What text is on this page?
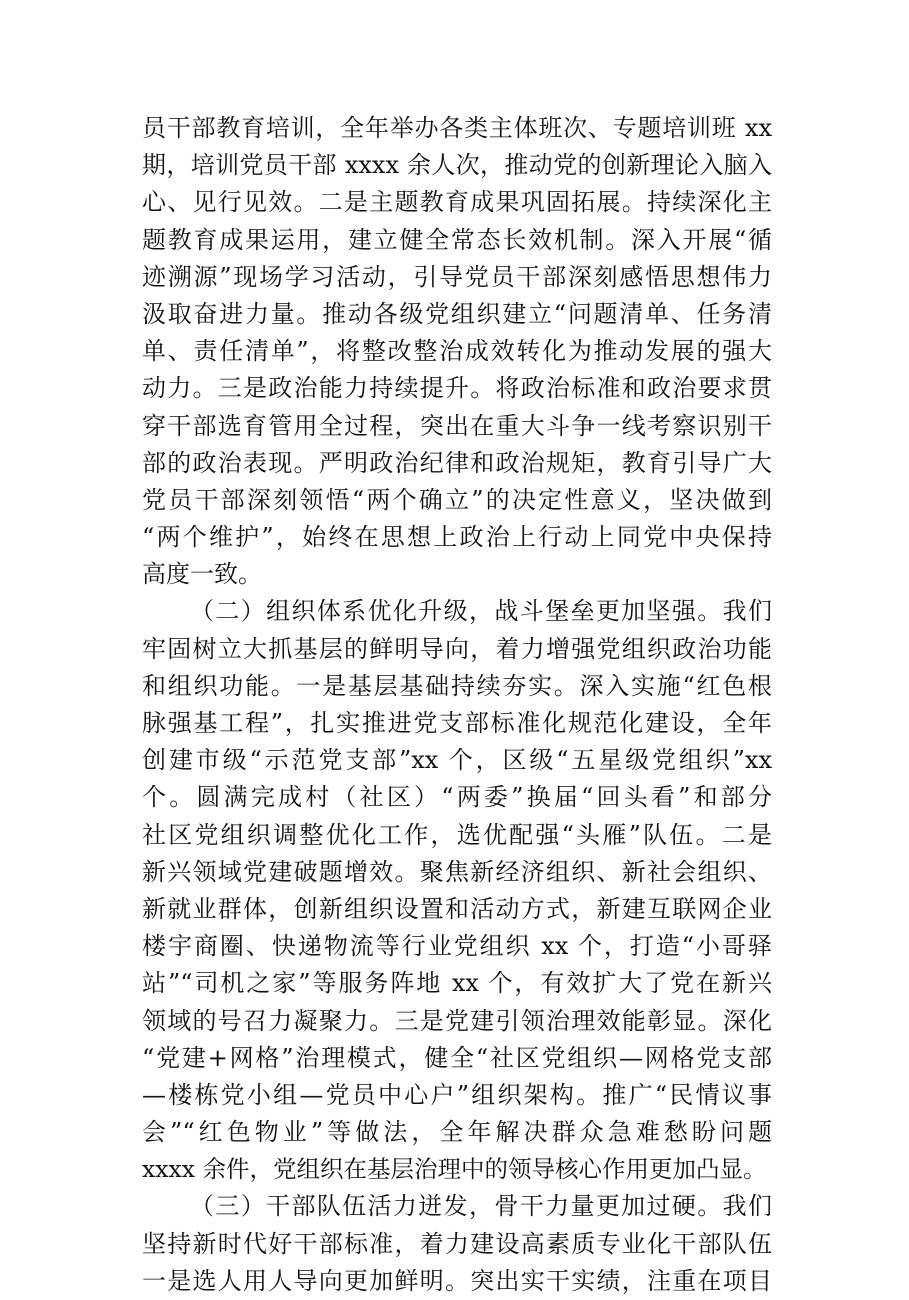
员干部教育培训，全年举办各类主体班次、专题培训班 xx
期，培训党员干部 xxxx 余人次，推动党的创新理论入脑入
心、见行见效。二是主题教育成果巩固拓展。持续深化主
题教育成果运用，建立健全常态长效机制。深入开展“循
迹溯源”现场学习活动，引导党员干部深刻感悟思想伟力
汲取奋进力量。推动各级党组织建立“问题清单、任务清
单、责任清单”，将整改整治成效转化为推动发展的强大
动力。三是政治能力持续提升。将政治标准和政治要求贯
穿干部选育管用全过程，突出在重大斗争一线考察识别干
部的政治表现。严明政治纪律和政治规矩，教育引导广大
党员干部深刻领悟“两个确立”的决定性意义，坚决做到
“两个维护”，始终在思想上政治上行动上同党中央保持
高度一致。
（二）组织体系优化升级，战斗堡垒更加坚强。我们
牢固树立大抓基层的鲜明导向，着力增强党组织政治功能
和组织功能。一是基层基础持续夯实。深入实施“红色根
脉强基工程”，扎实推进党支部标准化规范化建设，全年
创建市级“示范党支部”xx 个，区级“五星级党组织”xx
个。圆满完成村（社区）“两委”换届“回头看”和部分
社区党组织调整优化工作，选优配强“头雁”队伍。二是
新兴领域党建破题增效。聚焦新经济组织、新社会组织、
新就业群体，创新组织设置和活动方式，新建互联网企业
楼宇商圈、快递物流等行业党组织 xx 个，打造“小哥驿
站”“司机之家”等服务阵地 xx 个，有效扩大了党在新兴
领域的号召力凝聚力。三是党建引领治理效能彰显。深化
“党建+网格”治理模式，健全“社区党组织—网格党支部
—楼栋党小组—党员中心户”组织架构。推广“民情议事
会”“红色物业”等做法，全年解决群众急难愁盼问题
xxxx 余件，党组织在基层治理中的领导核心作用更加凸显。
（三）干部队伍活力迸发，骨干力量更加过硬。我们
坚持新时代好干部标准，着力建设高素质专业化干部队伍
一是选人用人导向更加鲜明。突出实干实绩，注重在项目
